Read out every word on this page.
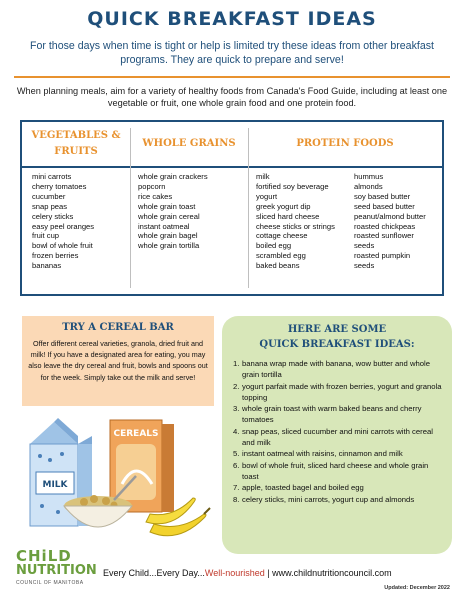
QUICK BREAKFAST IDEAS
For those days when time is tight or help is limited try these ideas from other breakfast programs. They are quick to prepare and serve!
When planning meals, aim for a variety of healthy foods from Canada's Food Guide, including at least one vegetable or fruit, one whole grain food and one protein food.
VEGETABLES & FRUITS
WHOLE GRAINS	PROTEIN FOODS
mini carrots
cherry tomatoes
cucumber
snap peas
celery sticks
easy peel oranges
fruit cup
bowl of whole fruit
frozen berries
bananas
whole grain crackers
popcorn
rice cakes
whole grain toast
whole grain cereal
instant oatmeal
whole grain bagel
whole grain tortilla
milk
fortified soy beverage
yogurt
greek yogurt dip
sliced hard cheese
cheese sticks or strings
cottage cheese
boiled egg
scrambled egg
baked beans
hummus
almonds
soy based butter
seed based butter
peanut/almond butter
roasted chickpeas
roasted sunflower
seeds
roasted pumpkin
seeds
TRY A CEREAL BAR
Offer different cereal varieties, granola, dried fruit and milk! If you have a designated area for eating, you may also leave the dry cereal and fruit, bowls and spoons out for the week. Simply take out the milk and serve!
HERE ARE SOME
QUICK BREAKFAST IDEAS:
1. banana wrap made with banana, wow butter and whole grain tortilla
2. yogurt parfait made with frozen berries, yogurt and granola topping
3. whole grain toast with warm baked beans and cherry tomatoes
4. snap peas, sliced cucumber and mini carrots with cereal and milk
5. instant oatmeal with raisins, cinnamon and milk
6. bowl of whole fruit, sliced hard cheese and whole grain toast
7. apple, toasted bagel and boiled egg
8. celery sticks, mini carrots, yogurt cup and almonds
MILK
CEREALS
CHiLD
NUTRITION
COUNCIL OF MANITOBA
Every Child...Every Day...Well-nourished | www.childnutritioncouncil.com
Updated: December 2022
